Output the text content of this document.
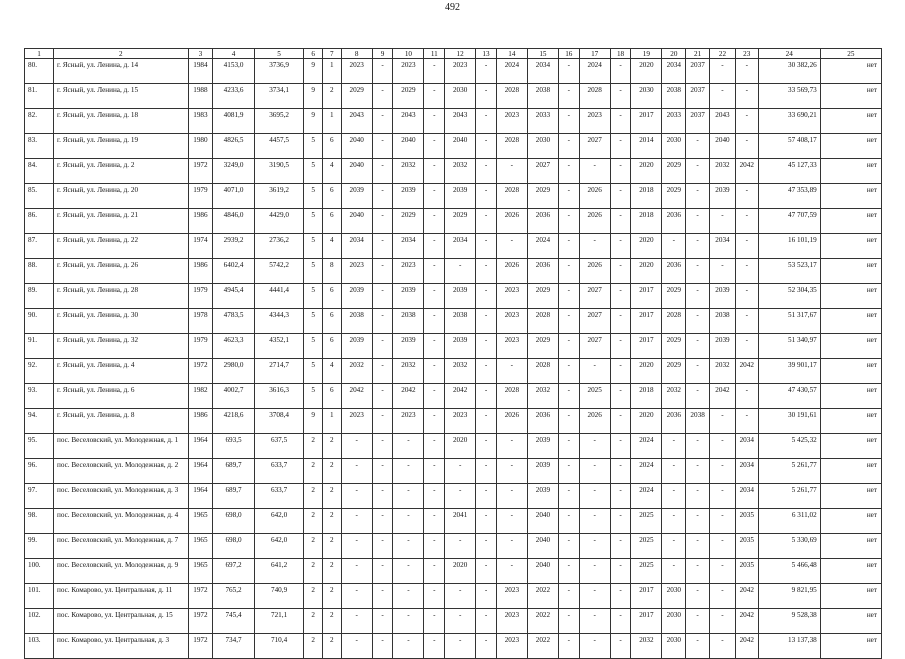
492
1	2	3	4	5	6	7	8	9	10	11	12	13	14	15	16	17	18	19	20	21	22	23	24	25
80.	г. Ясный, ул. Ленина, д. 14	1984	4153,0	3736,9	9	1	2023	-	2023	-	2023	-	2024	2034	-	2024	-	2020	2034	2037	-	-	30 382,26	нет
81.	г. Ясный, ул. Ленина, д. 15	1988	4233,6	3734,1	9	2	2029	-	2029	-	2030	-	2028	2038	-	2028	-	2030	2038	2037	-	-	33 569,73	нет
82.	г. Ясный, ул. Ленина, д. 18	1983	4081,9	3695,2	9	1	2043	-	2043	-	2043	-	2023	2033	-	2023	-	2017	2033	2037	2043	-	33 690,21	нет
83.	г. Ясный, ул. Ленина, д. 19	1980	4826,5	4457,5	5	6	2040	-	2040	-	2040	-	2028	2030	-	2027	-	2014	2030	-	2040	-	57 408,17	нет
84.	г. Ясный, ул. Ленина, д. 2	1972	3249,0	3190,5	5	4	2040	-	2032	-	2032	-	-	2027	-	-	-	2020	2029	-	2032	2042	45 127,33	нет
85.	г. Ясный, ул. Ленина, д. 20	1979	4071,0	3619,2	5	6	2039	-	2039	-	2039	-	2028	2029	-	2026	-	2018	2029	-	2039	-	47 353,89	нет
86.	г. Ясный, ул. Ленина, д. 21	1986	4846,0	4429,0	5	6	2040	-	2029	-	2029	-	2026	2036	-	2026	-	2018	2036	-	-	-	47 707,59	нет
87.	г. Ясный, ул. Ленина, д. 22	1974	2939,2	2736,2	5	4	2034	-	2034	-	2034	-	-	2024	-	-	-	2020	-	-	2034	-	16 101,19	нет
88.	г. Ясный, ул. Ленина, д. 26	1986	6402,4	5742,2	5	8	2023	-	2023	-	-	-	2026	2036	-	2026	-	2020	2036	-	-	-	53 523,17	нет
89.	г. Ясный, ул. Ленина, д. 28	1979	4945,4	4441,4	5	6	2039	-	2039	-	2039	-	2023	2029	-	2027	-	2017	2029	-	2039	-	52 304,35	нет
90.	г. Ясный, ул. Ленина, д. 30	1978	4783,5	4344,3	5	6	2038	-	2038	-	2038	-	2023	2028	-	2027	-	2017	2028	-	2038	-	51 317,67	нет
91.	г. Ясный, ул. Ленина, д. 32	1979	4623,3	4352,1	5	6	2039	-	2039	-	2039	-	2023	2029	-	2027	-	2017	2029	-	2039	-	51 340,97	нет
92.	г. Ясный, ул. Ленина, д. 4	1972	2980,0	2714,7	5	4	2032	-	2032	-	2032	-	-	2028	-	-	-	2020	2029	-	2032	2042	39 901,17	нет
93.	г. Ясный, ул. Ленина, д. 6	1982	4002,7	3616,3	5	6	2042	-	2042	-	2042	-	2028	2032	-	2025	-	2018	2032	-	2042	-	47 430,57	нет
94.	г. Ясный, ул. Ленина, д. 8	1986	4218,6	3708,4	9	1	2023	-	2023	-	2023	-	2026	2036	-	2026	-	2020	2036	2038	-	-	30 191,61	нет
95.	пос. Веселовский, ул. Молодежная, д. 1	1964	693,5	637,5	2	2	-	-	-	-	2020	-	-	2039	-	-	-	2024	-	-	-	2034	5 425,32	нет
96.	пос. Веселовский, ул. Молодежная, д. 2	1964	689,7	633,7	2	2	-	-	-	-	-	-	-	2039	-	-	-	2024	-	-	-	2034	5 261,77	нет
97.	пос. Веселовский, ул. Молодежная, д. 3	1964	689,7	633,7	2	2	-	-	-	-	-	-	-	2039	-	-	-	2024	-	-	-	2034	5 261,77	нет
98.	пос. Веселовский, ул. Молодежная, д. 4	1965	698,0	642,0	2	2	-	-	-	-	2041	-	-	2040	-	-	-	2025	-	-	-	2035	6 311,02	нет
99.	пос. Веселовский, ул. Молодежная, д. 7	1965	698,0	642,0	2	2	-	-	-	-	-	-	-	2040	-	-	-	2025	-	-	-	2035	5 330,69	нет
100.	пос. Веселовский, ул. Молодежная, д. 9	1965	697,2	641,2	2	2	-	-	-	-	2020	-	-	2040	-	-	-	2025	-	-	-	2035	5 466,48	нет
101.	пос. Комарово, ул. Центральная, д. 11	1972	765,2	740,9	2	2	-	-	-	-	-	-	2023	2022	-	-	-	2017	2030	-	-	2042	9 821,95	нет
102.	пос. Комарово, ул. Центральная, д. 15	1972	745,4	721,1	2	2	-	-	-	-	-	-	2023	2022	-	-	-	2017	2030	-	-	2042	9 528,38	нет
103.	пос. Комарово, ул. Центральная, д. 3	1972	734,7	710,4	2	2	-	-	-	-	-	-	2023	2022	-	-	-	2032	2030	-	-	2042	13 137,38	нет
